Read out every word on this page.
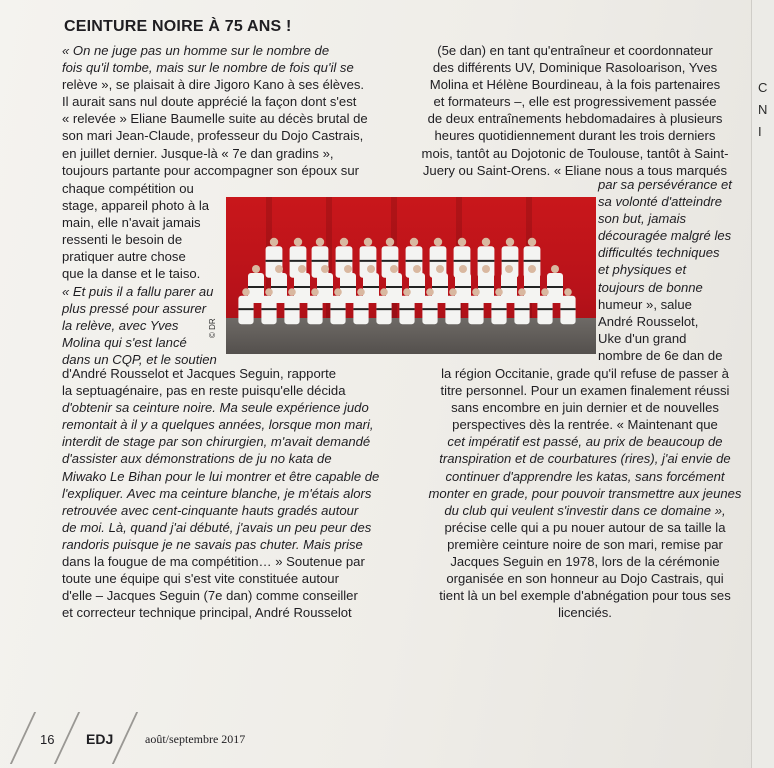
C
N
I
CEINTURE NOIRE À 75 ANS !

« On ne juge pas un homme sur le nombre de
fois qu'il tombe, mais sur le nombre de fois qu'il se
relève », se plaisait à dire Jigoro Kano à ses élèves.
Il aurait sans nul doute apprécié la façon dont s'est
« relevée » Eliane Baumelle suite au décès brutal de
son mari Jean-Claude, professeur du Dojo Castrais,
en juillet dernier. Jusque-là « 7e dan gradins »,
toujours partante pour accompagner son époux sur

chaque compétition ou
stage, appareil photo à la
main, elle n'avait jamais
ressenti le besoin de
pratiquer autre chose
que la danse et le taiso.
« Et puis il a fallu parer au
plus pressé pour assurer
la relève, avec Yves
Molina qui s'est lancé
dans un CQP, et le soutien

d'André Rousselot et Jacques Seguin, rapporte
la septuagénaire, pas en reste puisqu'elle décida
d'obtenir sa ceinture noire. Ma seule expérience judo
remontait à il y a quelques années, lorsque mon mari,
interdit de stage par son chirurgien, m'avait demandé
d'assister aux démonstrations de ju no kata de
Miwako Le Bihan pour le lui montrer et être capable de
l'expliquer. Avec ma ceinture blanche, je m'étais alors
retrouvée avec cent-cinquante hauts gradés autour
de moi. Là, quand j'ai débuté, j'avais un peu peur des
randoris puisque je ne savais pas chuter. Mais prise
dans la fougue de ma compétition… » Soutenue par
toute une équipe qui s'est vite constituée autour
d'elle – Jacques Seguin (7e dan) comme conseiller
et correcteur technique principal, André Rousselot

(5e dan) en tant qu'entraîneur et coordonnateur
des différents UV, Dominique Rasoloarison, Yves
Molina et Hélène Bourdineau, à la fois partenaires
et formateurs –, elle est progressivement passée
de deux entraînements hebdomadaires à plusieurs
heures quotidiennement durant les trois derniers
mois, tantôt au Dojotonic de Toulouse, tantôt à Saint-
Juery ou Saint-Orens. « Eliane nous a tous marqués

par sa persévérance et
sa volonté d'atteindre
son but, jamais
découragée malgré les
difficultés techniques
et physiques et
toujours de bonne
humeur », salue
André Rousselot,
Uke d'un grand
nombre de 6e dan de

la région Occitanie, grade qu'il refuse de passer à
titre personnel. Pour un examen finalement réussi
sans encombre en juin dernier et de nouvelles
perspectives dès la rentrée. « Maintenant que
cet impératif est passé, au prix de beaucoup de
transpiration et de courbatures (rires), j'ai envie de
continuer d'apprendre les katas, sans forcément
monter en grade, pour pouvoir transmettre aux jeunes
du club qui veulent s'investir dans ce domaine »,
précise celle qui a pu nouer autour de sa taille la
première ceinture noire de son mari, remise par
Jacques Seguin en 1978, lors de la cérémonie
organisée en son honneur au Dojo Castrais, qui
tient là un bel exemple d'abnégation pour tous ses
licenciés.

© DR
16 EDJ	août/septembre 2017
